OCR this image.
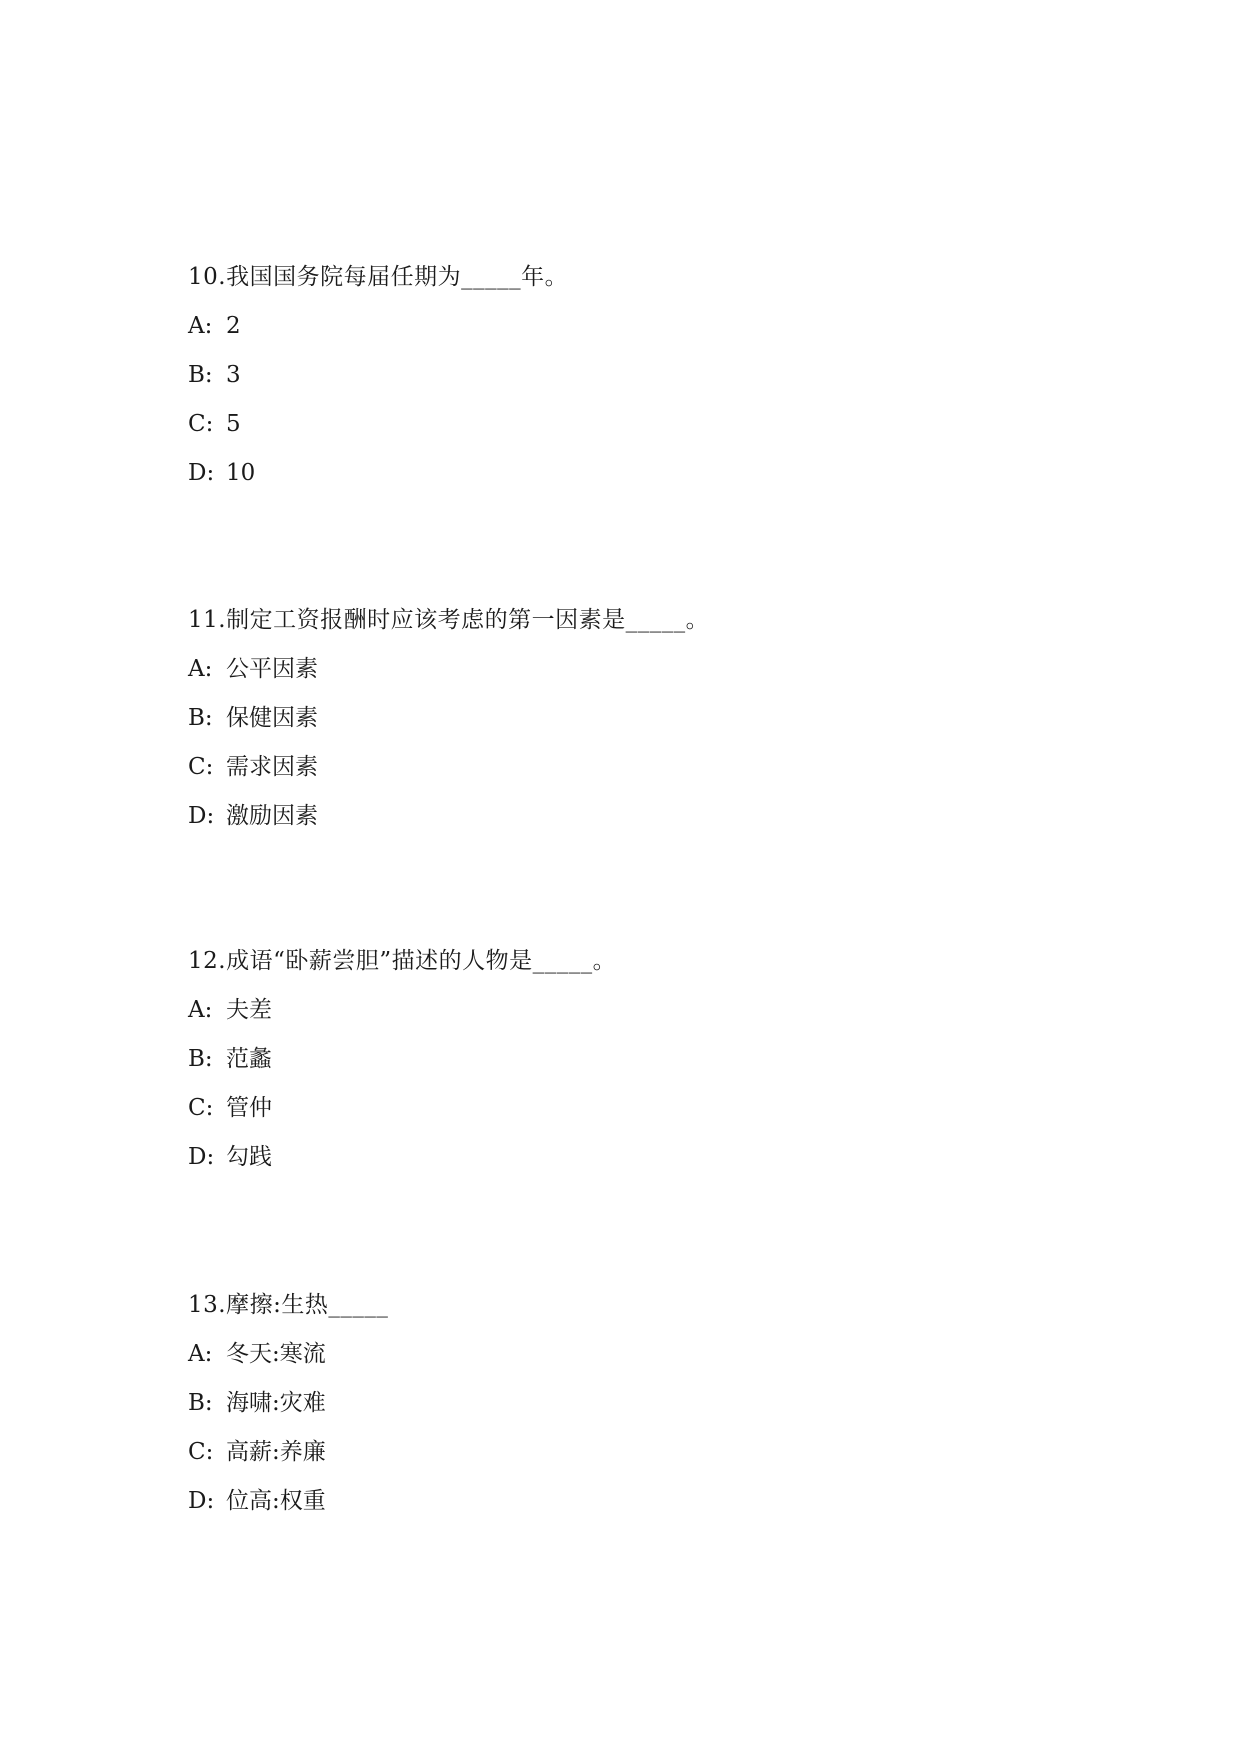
10.我国国务院每届任期为_____年。
A: 2
B: 3
C: 5
D: 10
11.制定工资报酬时应该考虑的第一因素是_____。
A: 公平因素
B: 保健因素
C: 需求因素
D: 激励因素
12.成语“卧薪尝胆”描述的人物是_____。
A: 夫差
B: 范蠡
C: 管仲
D: 勾践
13.摩擦:生热_____
A: 冬天:寒流
B: 海啸:灾难
C: 高薪:养廉
D: 位高:权重
